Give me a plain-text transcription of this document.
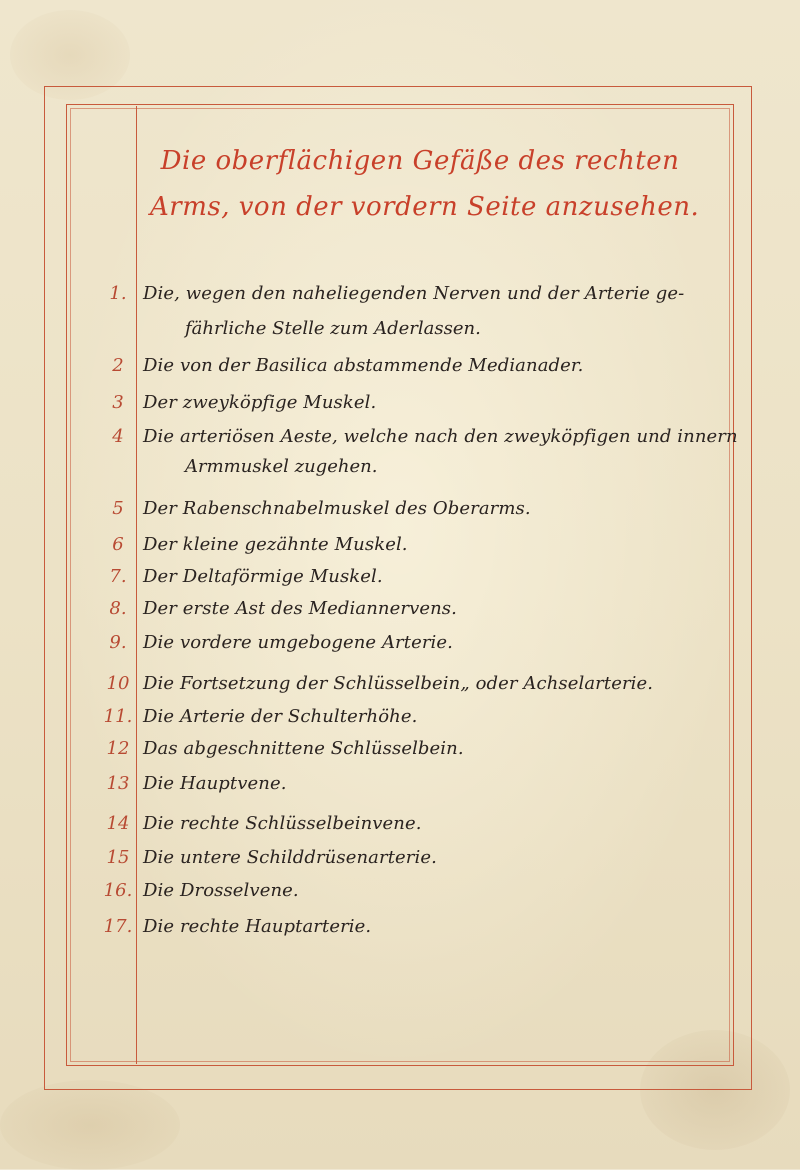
Die oberflächigen Gefäße des rechten
Arms, von der vordern Seite anzusehen.
1. Die, wegen den naheliegenden Nerven und der Arterie ge-
fährliche Stelle zum Aderlassen.
2	Die von der Basilica abstammende Medianader.
3	Der zweyköpfige Muskel.
4	Die arteriösen Aeste, welche nach den zweyköpfigen und innern
Armmuskel zugehen.
5	Der Rabenschnabelmuskel des Oberarms.
6	Der kleine gezähnte Muskel.
7. Der Deltaförmige Muskel.
8. Der erste Ast des Mediannervens.
9. Die vordere umgebogene Arterie.
10 Die Fortsetzung der Schlüsselbein„ oder Achselarterie.
11. Die Arterie der Schulterhöhe.
12 Das abgeschnittene Schlüsselbein.
13 Die Hauptvene.
14 Die rechte Schlüsselbeinvene.
15 Die untere Schilddrüsenarterie.
16. Die Drosselvene.
17. Die rechte Hauptarterie.
